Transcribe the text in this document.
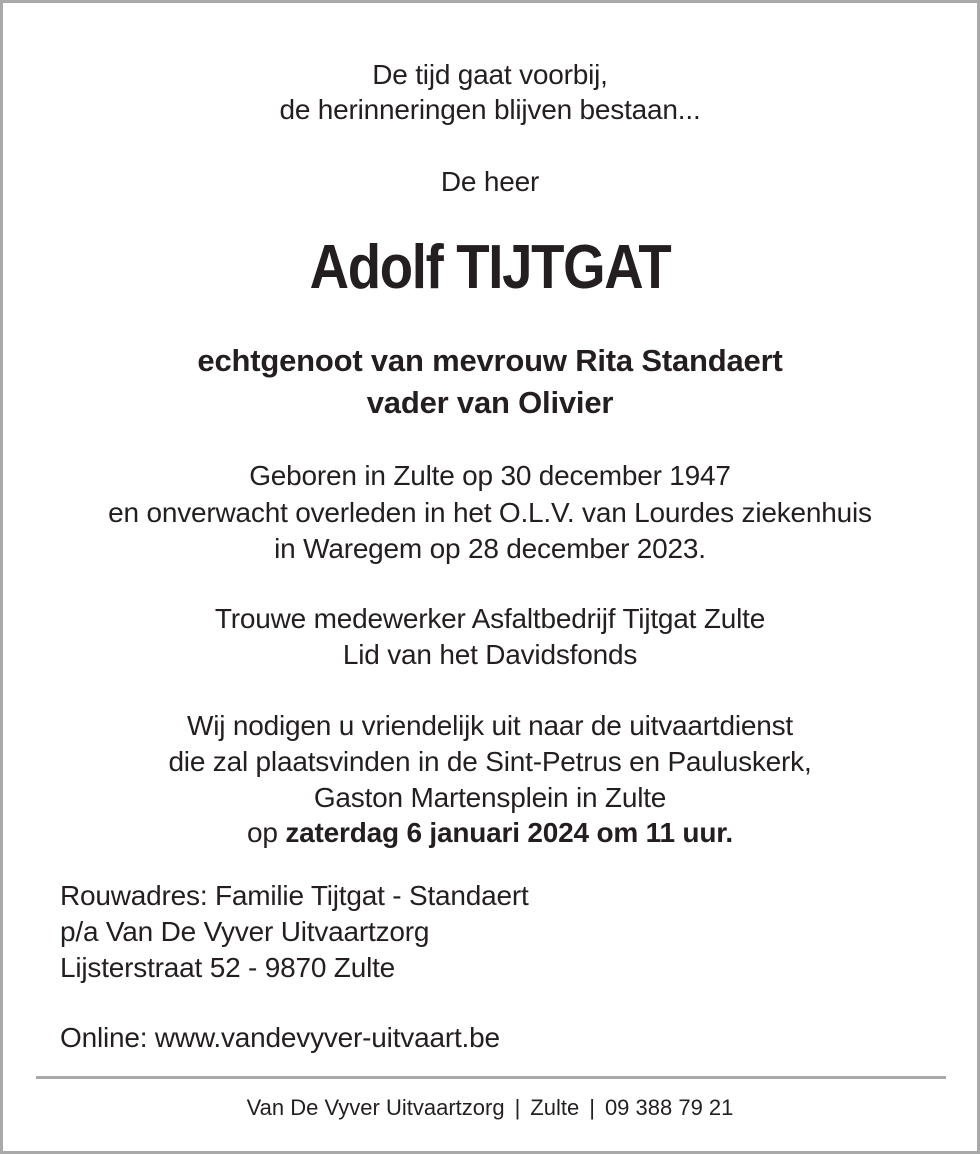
De tijd gaat voorbij,
de herinneringen blijven bestaan...
De heer
Adolf TIJTGAT
echtgenoot van mevrouw Rita Standaert
vader van Olivier
Geboren in Zulte op 30 december 1947
en onverwacht overleden in het O.L.V. van Lourdes ziekenhuis
in Waregem op 28 december 2023.
Trouwe medewerker Asfaltbedrijf Tijtgat Zulte
Lid van het Davidsfonds
Wij nodigen u vriendelijk uit naar de uitvaartdienst
die zal plaatsvinden in de Sint-Petrus en Pauluskerk,
Gaston Martensplein in Zulte
op zaterdag 6 januari 2024 om 11 uur.
Rouwadres: Familie Tijtgat - Standaert
p/a Van De Vyver Uitvaartzorg
Lijsterstraat 52 - 9870 Zulte
Online: www.vandevyver-uitvaart.be
Van De Vyver Uitvaartzorg | Zulte | 09 388 79 21
